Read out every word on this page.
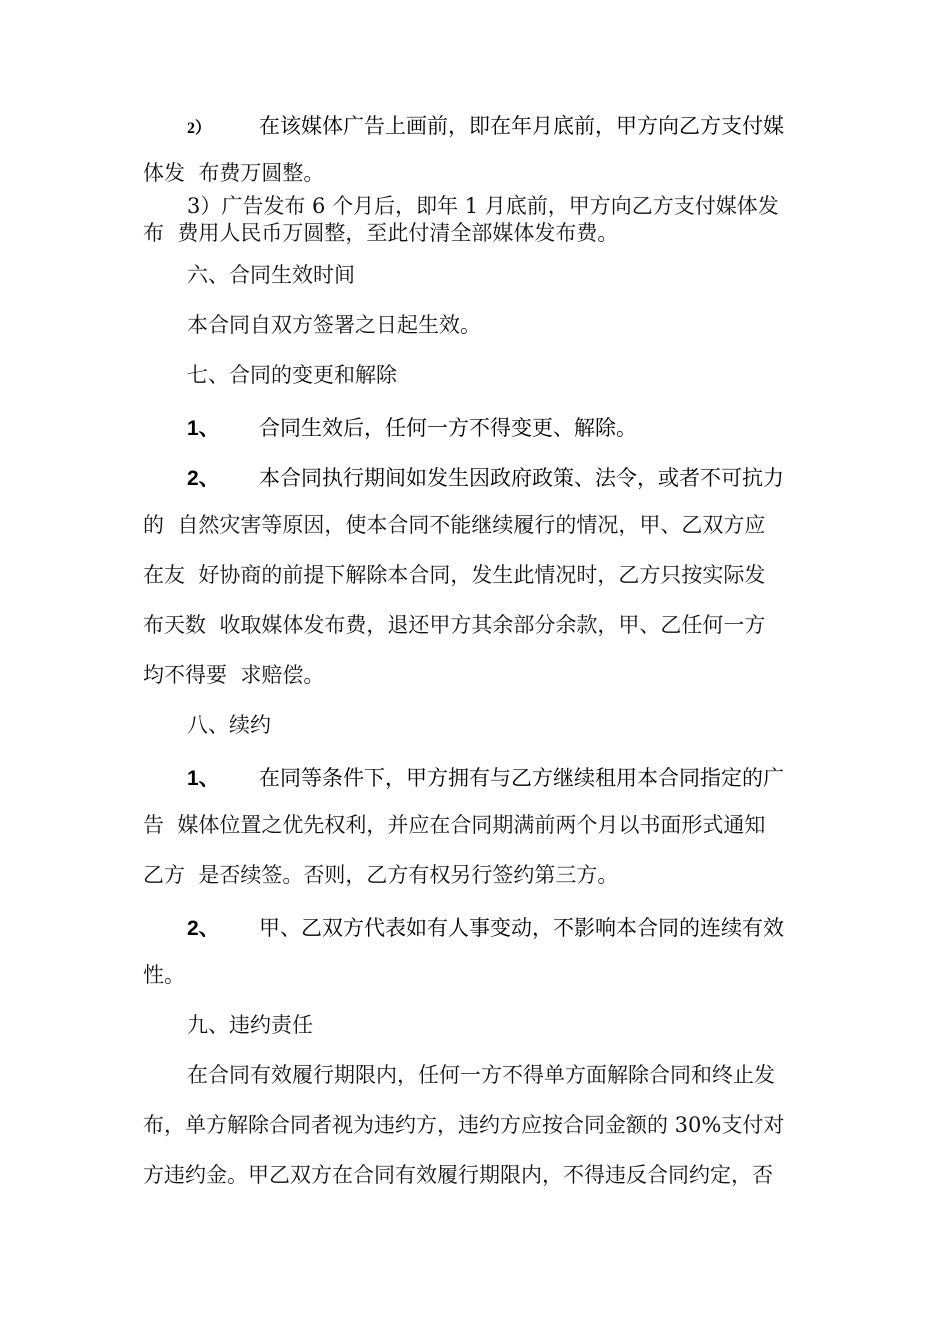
2） 在该媒体广告上画前，即在年月底前，甲方向乙方支付媒
体发  布费万圆整。
3）广告发布 6 个月后，即年 1 月底前，甲方向乙方支付媒体发
布  费用人民币万圆整，至此付清全部媒体发布费。
六、合同生效时间
本合同自双方签署之日起生效。
七、合同的变更和解除
1、 合同生效后，任何一方不得变更、解除。
2、 本合同执行期间如发生因政府政策、法令，或者不可抗力
的  自然灾害等原因，使本合同不能继续履行的情况，甲、乙双方应
在友  好协商的前提下解除本合同，发生此情况时，乙方只按实际发
布天数  收取媒体发布费，退还甲方其余部分余款，甲、乙任何一方
均不得要  求赔偿。
八、续约
1、 在同等条件下，甲方拥有与乙方继续租用本合同指定的广
告  媒体位置之优先权利，并应在合同期满前两个月以书面形式通知
乙方  是否续签。否则，乙方有权另行签约第三方。
2、 甲、乙双方代表如有人事变动，不影响本合同的连续有效
性。
九、违约责任
在合同有效履行期限内，任何一方不得单方面解除合同和终止发
布，单方解除合同者视为违约方，违约方应按合同金额的 30%支付对
方违约金。甲乙双方在合同有效履行期限内，不得违反合同约定，否
